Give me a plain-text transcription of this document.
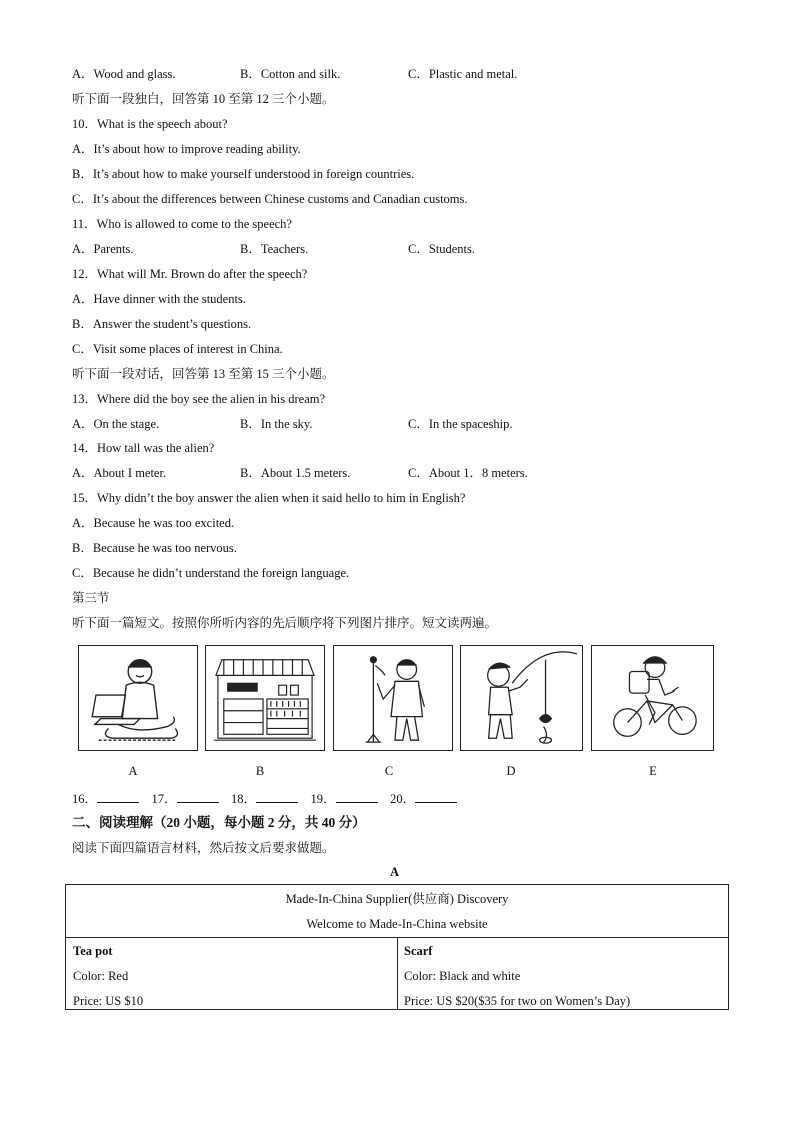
A．Wood and glass.	B．Cotton and silk.	C．Plastic and metal.
听下面一段独白，回答第 10 至第 12 三个小题。
10．What is the speech about?
A．It’s about how to improve reading ability.
B．It’s about how to make yourself understood in foreign countries.
C．It’s about the differences between Chinese customs and Canadian customs.
11．Who is allowed to come to the speech?
A．Parents.	B．Teachers.	C．Students.
12．What will Mr. Brown do after the speech?
A．Have dinner with the students.
B．Answer the student’s questions.
C．Visit some places of interest in China.
听下面一段对话，回答第 13 至第 15 三个小题。
13．Where did the boy see the alien in his dream?
A．On the stage.	B．In the sky.	C．In the spaceship.
14．How tall was the alien?
A．About I meter.	B．About 1.5 meters.	C．About 1．8 meters.
15．Why didn’t the boy answer the alien when it said hello to him in English?
A．Because he was too excited.
B．Because he was too nervous.
C．Because he didn’t understand the foreign language.
第三节
听下面一篇短文。按照你所听内容的先后顺序将下列图片排序。短文读两遍。
A	B	C	D	E
16．	17．	18．	19．	20．
二、阅读理解（20 小题，每小题 2 分，共 40 分）
阅读下面四篇语言材料，然后按文后要求做题。
A
Made-In-China Supplier(供应商) Discovery
Welcome to Made-In-China website
Tea pot
Color: Red
Price: US $10
Scarf
Color: Black and white
Price: US $20($35 for two on Women’s Day)
